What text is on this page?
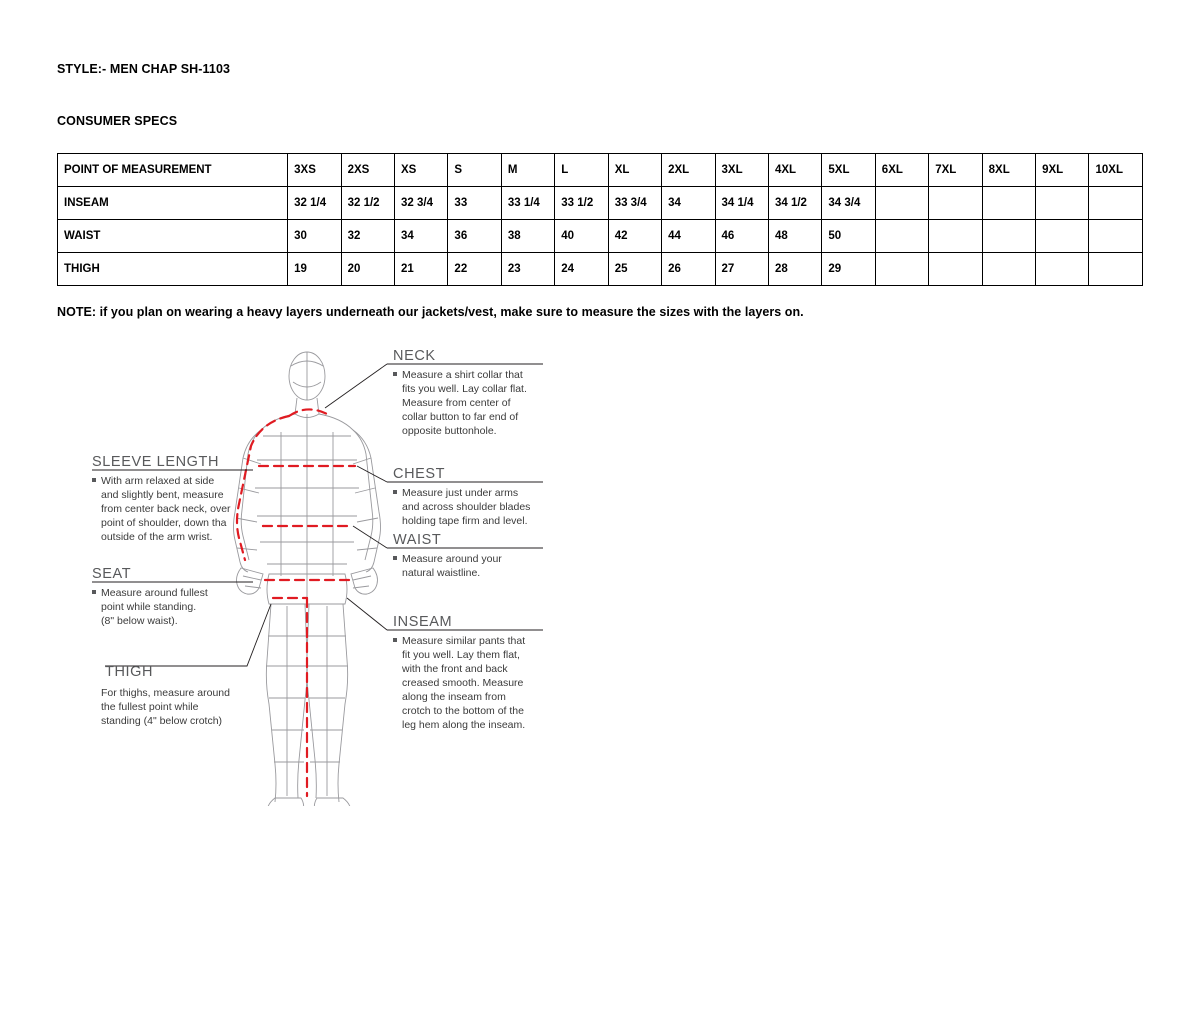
STYLE:- MEN CHAP SH-1103
CONSUMER SPECS
POINT OF MEASUREMENT	3XS	2XS	XS	S	M	L	XL	2XL	3XL	4XL	5XL	6XL	7XL	8XL	9XL	10XL
INSEAM	32 1/4	32 1/2	32 3/4	33	33 1/4	33 1/2	33 3/4	34	34 1/4	34 1/2	34 3/4					
WAIST	30	32	34	36	38	40	42	44	46	48	50					
THIGH	19	20	21	22	23	24	25	26	27	28	29					
NOTE: if you plan on wearing a heavy layers underneath our jackets/vest, make sure to measure the sizes with the layers on.
NECK
Measure a shirt collar that
fits you well. Lay collar flat.
Measure from center of
collar button to far end of
opposite buttonhole.
CHEST
Measure just under arms
and across shoulder blades
holding tape firm and level.
WAIST
Measure around your
natural waistline.
INSEAM
Measure similar pants that
fit you well. Lay them flat,
with the front and back
creased smooth. Measure
along the inseam from
crotch to the bottom of the
leg hem along the inseam.
SLEEVE LENGTH
With arm relaxed at side
and slightly bent, measure
from center back neck, over
point of shoulder, down tha
outside of the arm wrist.
SEAT
Measure around fullest
point while standing.
(8" below waist).
THIGH
For thighs, measure around
the fullest point while
standing (4" below crotch)
